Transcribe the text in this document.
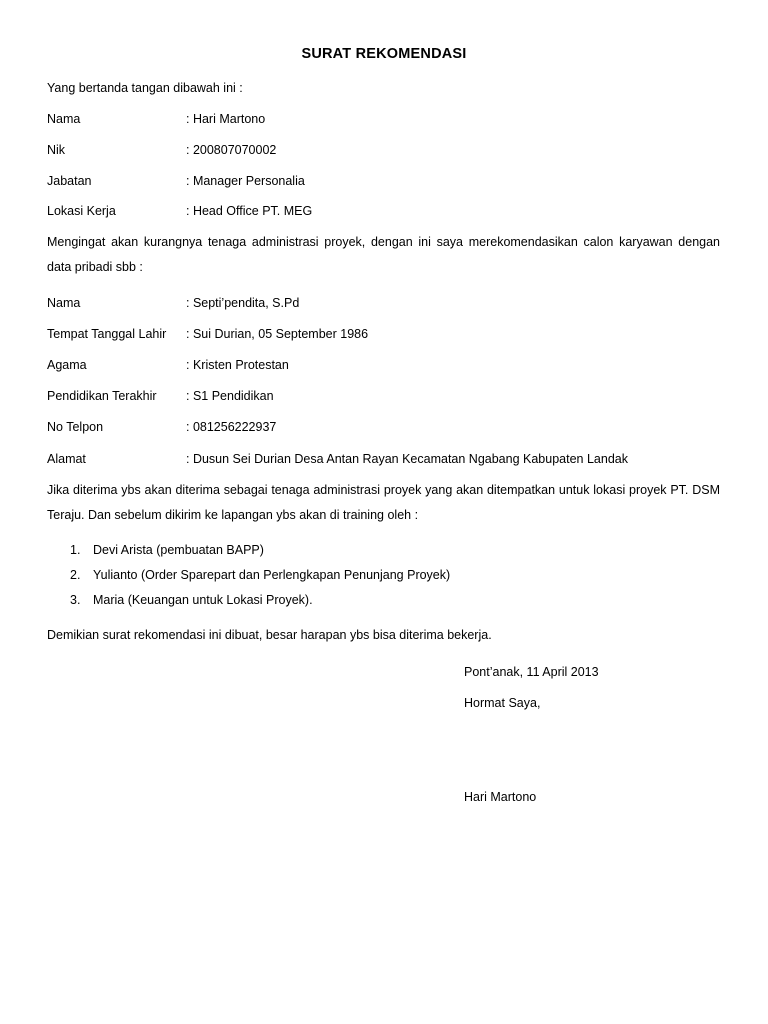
SURAT REKOMENDASI
Yang bertanda tangan dibawah ini :
Nama	: Hari Martono
Nik	: 200807070002
Jabatan	: Manager Personalia
Lokasi Kerja	: Head Office PT. MEG
Mengingat akan kurangnya tenaga administrasi proyek, dengan ini saya merekomendasikan calon karyawan dengan data pribadi sbb :
Nama	: Septi’pendita, S.Pd
Tempat Tanggal Lahir : Sui Durian, 05 September 1986
Agama	: Kristen Protestan
Pendidikan Terakhir : S1 Pendidikan
No Telpon	: 081256222937
Alamat	: Dusun Sei Durian Desa Antan Rayan Kecamatan Ngabang Kabupaten Landak
Jika diterima ybs akan diterima sebagai tenaga administrasi proyek yang akan ditempatkan untuk lokasi proyek PT. DSM Teraju. Dan sebelum dikirim ke lapangan ybs akan di training oleh :
1. Devi Arista (pembuatan BAPP)
2. Yulianto (Order Sparepart dan Perlengkapan Penunjang Proyek)
3. Maria (Keuangan untuk Lokasi Proyek).
Demikian surat rekomendasi ini dibuat, besar harapan ybs bisa diterima bekerja.
Pont’anak, 11 April 2013
Hormat Saya,
Hari Martono
